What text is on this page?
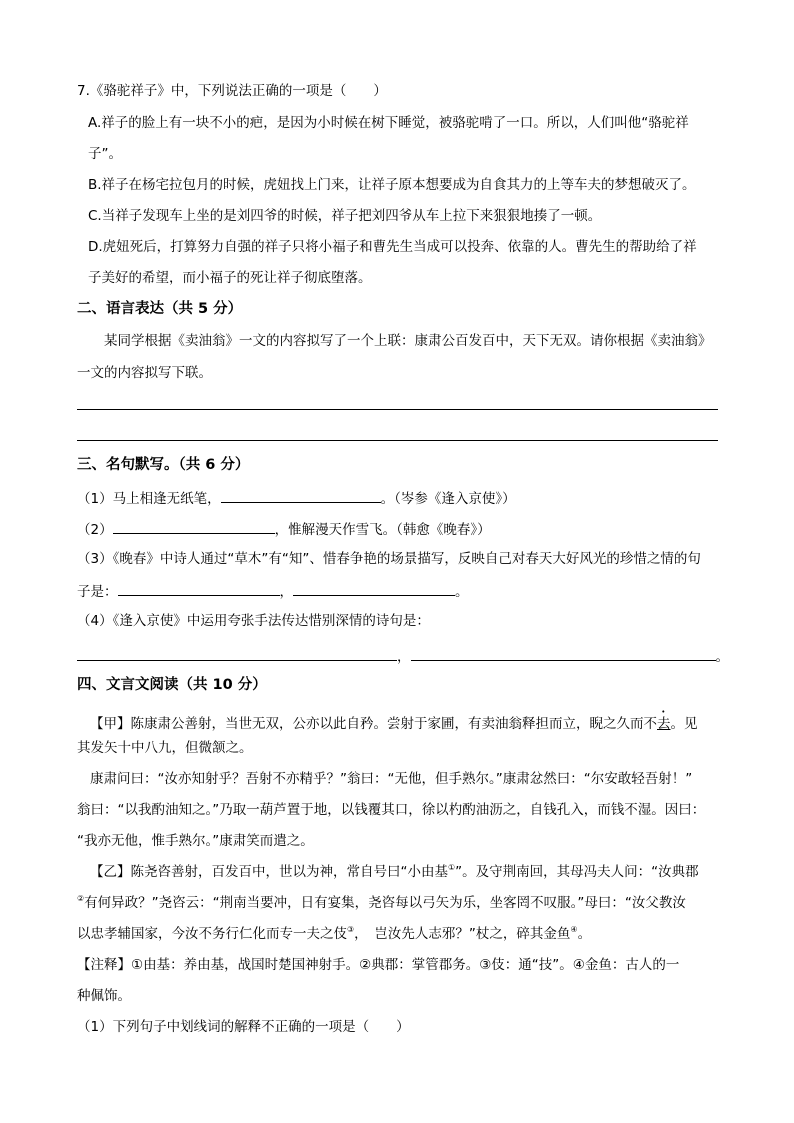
7.《骆驼祥子》中，下列说法正确的一项是（　　）
A.祥子的脸上有一块不小的疤，是因为小时候在树下睡觉，被骆驼啃了一口。所以，人们叫他“骆驼祥
子”。
B.祥子在杨宅拉包月的时候，虎妞找上门来，让祥子原本想要成为自食其力的上等车夫的梦想破灭了。
C.当祥子发现车上坐的是刘四爷的时候，祥子把刘四爷从车上拉下来狠狠地揍了一顿。
D.虎妞死后，打算努力自强的祥子只将小福子和曹先生当成可以投奔、依靠的人。曹先生的帮助给了祥
子美好的希望，而小福子的死让祥子彻底堕落。
二、语言表达（共 5 分）
某同学根据《卖油翁》一文的内容拟写了一个上联：康肃公百发百中，天下无双。请你根据《卖油翁》
一文的内容拟写下联。
三、名句默写。（共 6 分）
（1）马上相逢无纸笔，	。（岑参《逢入京使》）
（2）	，惟解漫天作雪飞。（韩愈《晚春》）
（3）《晚春》中诗人通过“草木”有“知”、惜春争艳的场景描写，反映自己对春天大好风光的珍惜之情的句
子是：	，	。
（4）《逢入京使》中运用夸张手法传达惜别深情的诗句是：
，	。
四、文言文阅读（共 10 分）
【甲】陈康肃公善射，当世无双，公亦以此自矜。尝射于家圃，有卖油翁释担而立，睨之久而不去。见
其发矢十中八九，但微颔之。
康肃问曰：“汝亦知射乎？吾射不亦精乎？”翁曰：“无他，但手熟尔。”康肃忿然曰：“尔安敢轻吾射！”
翁曰：“以我酌油知之。”乃取一葫芦置于地，以钱覆其口，徐以杓酌油沥之，自钱孔入，而钱不湿。因曰：
“我亦无他，惟手熟尔。”康肃笑而遣之。
【乙】陈尧咨善射，百发百中，世以为神，常自号曰“小由基①”。及守荆南回，其母冯夫人问：“汝典郡
②有何异政？”尧咨云：“荆南当要冲，日有宴集，尧咨每以弓矢为乐，坐客罔不叹服。”母曰：“汝父教汝
以忠孝辅国家，今汝不务行仁化而专一夫之伎③，　岂汝先人志邪？”杖之，碎其金鱼④。
【注释】①由基：养由基，战国时楚国神射手。②典郡：掌管郡务。③伎：通“技”。④金鱼：古人的一
种佩饰。
（1）下列句子中划线词的解释不正确的一项是（　　）
